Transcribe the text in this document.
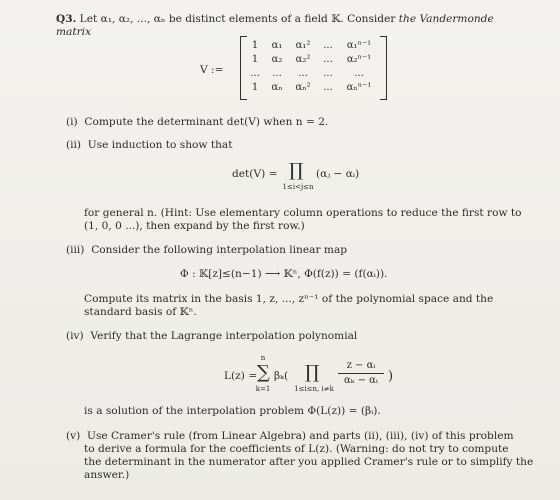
Q3. Let α₁, α₂, ..., αₙ be distinct elements of a field 𝕂. Consider the Vandermonde
matrix
V :=
1	α₁	α₁²	...	α₁ⁿ⁻¹
1	α₂	α₂²	...	α₂ⁿ⁻¹
...	...	...	...	...
1	αₙ	αₙ²	...	αₙⁿ⁻¹
(i) Compute the determinant det(V) when n = 2.
(ii) Use induction to show that
det(V) = ∏
1≤i<j≤n
(αⱼ − αᵢ)
for general n. (Hint: Use elementary column operations to reduce the first row to
(1, 0, 0 ...), then expand by the first row.)
(iii) Consider the following interpolation linear map
Φ : 𝕂[z]≤(n−1) ⟶ 𝕂ⁿ, Φ(f(z)) = (f(αᵢ)).
Compute its matrix in the basis 1, z, ..., zⁿ⁻¹ of the polynomial space and the
standard basis of 𝕂ⁿ.
(iv) Verify that the Lagrange interpolation polynomial
L(z) =
n
∑
k=1
βₖ( ∏
1≤i≤n, i≠k
z − αᵢ
αₖ − αᵢ )
is a solution of the interpolation problem Φ(L(z)) = (βᵢ).
(v) Use Cramer's rule (from Linear Algebra) and parts (ii), (iii), (iv) of this problem
to derive a formula for the coefficients of L(z). (Warning: do not try to compute
the determinant in the numerator after you applied Cramer's rule or to simplify the
answer.)
